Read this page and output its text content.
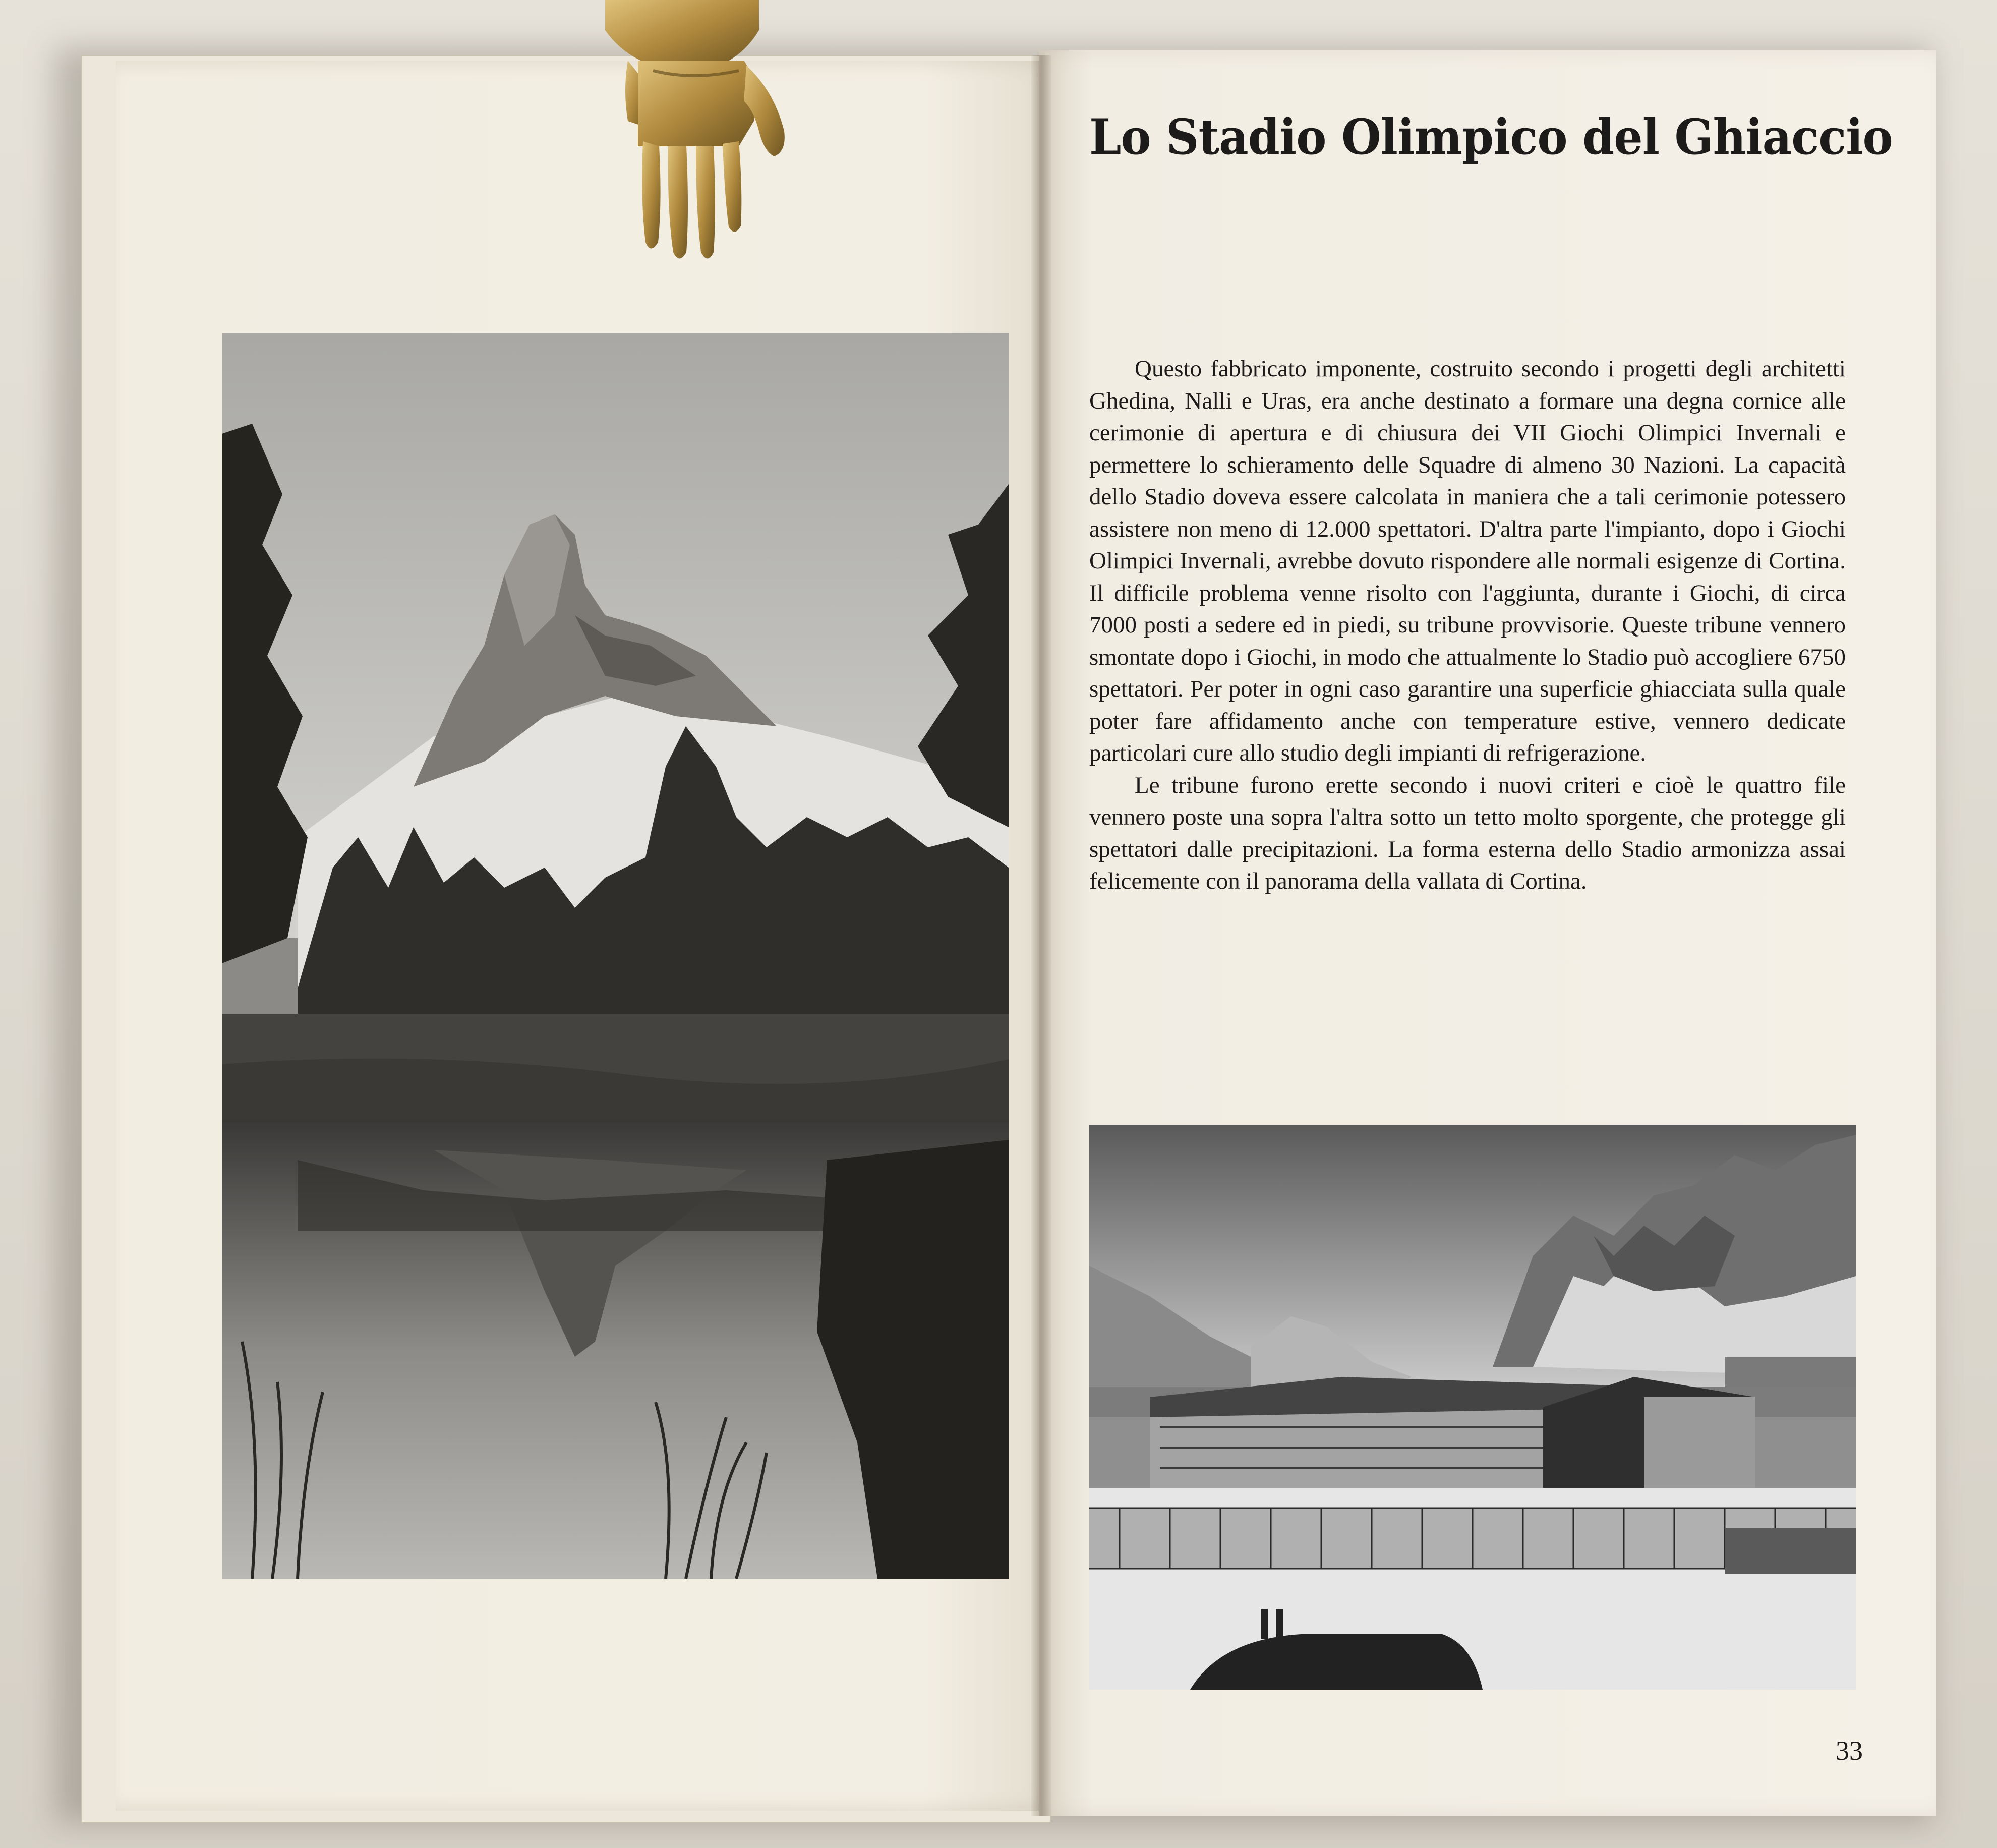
Lo Stadio Olimpico del Ghiaccio

Questo fabbricato imponente, costruito secondo i progetti degli architetti Ghedina, Nalli e Uras, era anche destinato a formare una degna cornice alle cerimonie di apertura e di chiusura dei VII Giochi Olimpici Invernali e permettere lo schieramento delle Squadre di almeno 30 Nazioni. La capacità dello Stadio doveva essere calcolata in maniera che a tali cerimonie potessero assistere non meno di 12.000 spettatori. D'altra parte l'impianto, dopo i Giochi Olimpici Invernali, avrebbe dovuto rispondere alle normali esigenze di Cortina. Il difficile problema venne risolto con l'aggiunta, durante i Giochi, di circa 7000 posti a sedere ed in piedi, su tribune provvisorie. Queste tribune vennero smontate dopo i Giochi, in modo che attualmente lo Stadio può accogliere 6750 spettatori. Per poter in ogni caso garantire una superficie ghiacciata sulla quale poter fare affidamento anche con temperature estive, vennero dedicate particolari cure allo studio degli impianti di refrigerazione.

Le tribune furono erette secondo i nuovi criteri e cioè le quattro file vennero poste una sopra l'altra sotto un tetto molto sporgente, che protegge gli spettatori dalle precipitazioni. La forma esterna dello Stadio armonizza assai felicemente con il panorama della vallata di Cortina.

33
